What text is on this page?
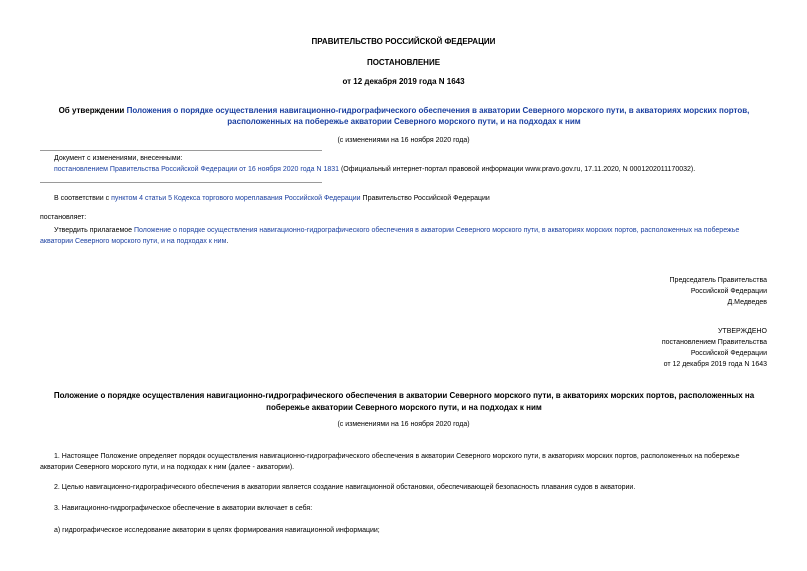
ПРАВИТЕЛЬСТВО РОССИЙСКОЙ ФЕДЕРАЦИИ
ПОСТАНОВЛЕНИЕ
от 12 декабря 2019 года N 1643
Об утверждении Положения о порядке осуществления навигационно-гидрографического обеспечения в акватории Северного морского пути, в акваториях морских портов, расположенных на побережье акватории Северного морского пути, и на подходах к ним
(с изменениями на 16 ноября 2020 года)
Документ с изменениями, внесенными:
постановлением Правительства Российской Федерации от 16 ноября 2020 года N 1831 (Официальный интернет-портал правовой информации www.pravo.gov.ru, 17.11.2020, N 0001202011170032).
В соответствии с пунктом 4 статьи 5 Кодекса торгового мореплавания Российской Федерации Правительство Российской Федерации
постановляет:
Утвердить прилагаемое Положение о порядке осуществления навигационно-гидрографического обеспечения в акватории Северного морского пути, в акваториях морских портов, расположенных на побережье акватории Северного морского пути, и на подходах к ним.
Председатель Правительства
Российской Федерации
Д.Медведев
УТВЕРЖДЕНО
постановлением Правительства
Российской Федерации
от 12 декабря 2019 года N 1643
Положение о порядке осуществления навигационно-гидрографического обеспечения в акватории Северного морского пути, в акваториях морских портов, расположенных на побережье акватории Северного морского пути, и на подходах к ним
(с изменениями на 16 ноября 2020 года)
1. Настоящее Положение определяет порядок осуществления навигационно-гидрографического обеспечения в акватории Северного морского пути, в акваториях морских портов, расположенных на побережье акватории Северного морского пути, и на подходах к ним (далее - акватории).
2. Целью навигационно-гидрографического обеспечения в акватории является создание навигационной обстановки, обеспечивающей безопасность плавания судов в акватории.
3. Навигационно-гидрографическое обеспечение в акватории включает в себя:
а) гидрографическое исследование акватории в целях формирования навигационной информации;
